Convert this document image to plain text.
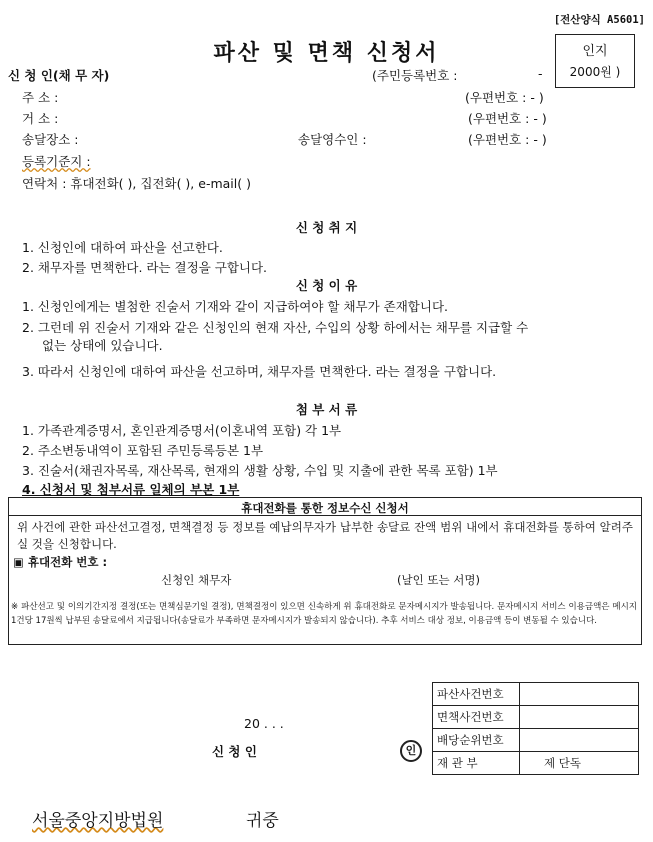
[전산양식 A5601]
파산 및 면책 신청서	인지
2000원 )
신 청 인(채 무 자)	(주민등록번호 :	-
주 소 :	(우편번호 : - )
거 소 :	(우편번호 : - )
송달장소 :	송달영수인 :	(우편번호 : - )
등록기준지 :
연락처 : 휴대전화( ), 집전화( ), e-mail( )
신 청 취 지
1. 신청인에 대하여 파산을 선고한다.
2. 채무자를 면책한다. 라는 결정을 구합니다.
신 청 이 유
1. 신청인에게는 별첨한 진술서 기재와 같이 지급하여야 할 채무가 존재합니다.
2. 그런데 위 진술서 기재와 같은 신청인의 현재 자산, 수입의 상황 하에서는 채무를 지급할 수
없는 상태에 있습니다.
3. 따라서 신청인에 대하여 파산을 선고하며, 채무자를 면책한다. 라는 결정을 구합니다.
첨 부 서 류
1. 가족관계증명서, 혼인관계증명서(이혼내역 포함) 각 1부
2. 주소변동내역이 포함된 주민등록등본 1부
3. 진술서(채권자목록, 재산목록, 현재의 생활 상황, 수입 및 지출에 관한 목록 포함) 1부
4. 신청서 및 첨부서류 일체의 부본 1부
휴대전화를 통한 정보수신 신청서
위 사건에 관한 파산선고결정, 면책결정 등 정보를 예납의무자가 납부한 송달료 잔액 범위 내에서 휴대전화를 통하여 알려주실 것을 신청합니다.
▣ 휴대전화 번호 :
신청인 채무자	(날인 또는 서명)
※ 파산선고 및 이의기간지정 결정(또는 면책심문기일 결정), 면책결정이 있으면 신속하게 위 휴대전화로 문자메시지가 발송됩니다. 문자메시지 서비스 이용금액은 메시지 1건당 17원씩 납부된 송달료에서 지급됩니다(송달료가 부족하면 문자메시지가 발송되지 않습니다). 추후 서비스 대상 정보, 이용금액 등이 변동될 수 있습니다.
20 . . .
신 청 인	인
파산사건번호	
면책사건번호	
배당순위번호	
재 관 부	제 단독
서울중앙지방법원	귀중
